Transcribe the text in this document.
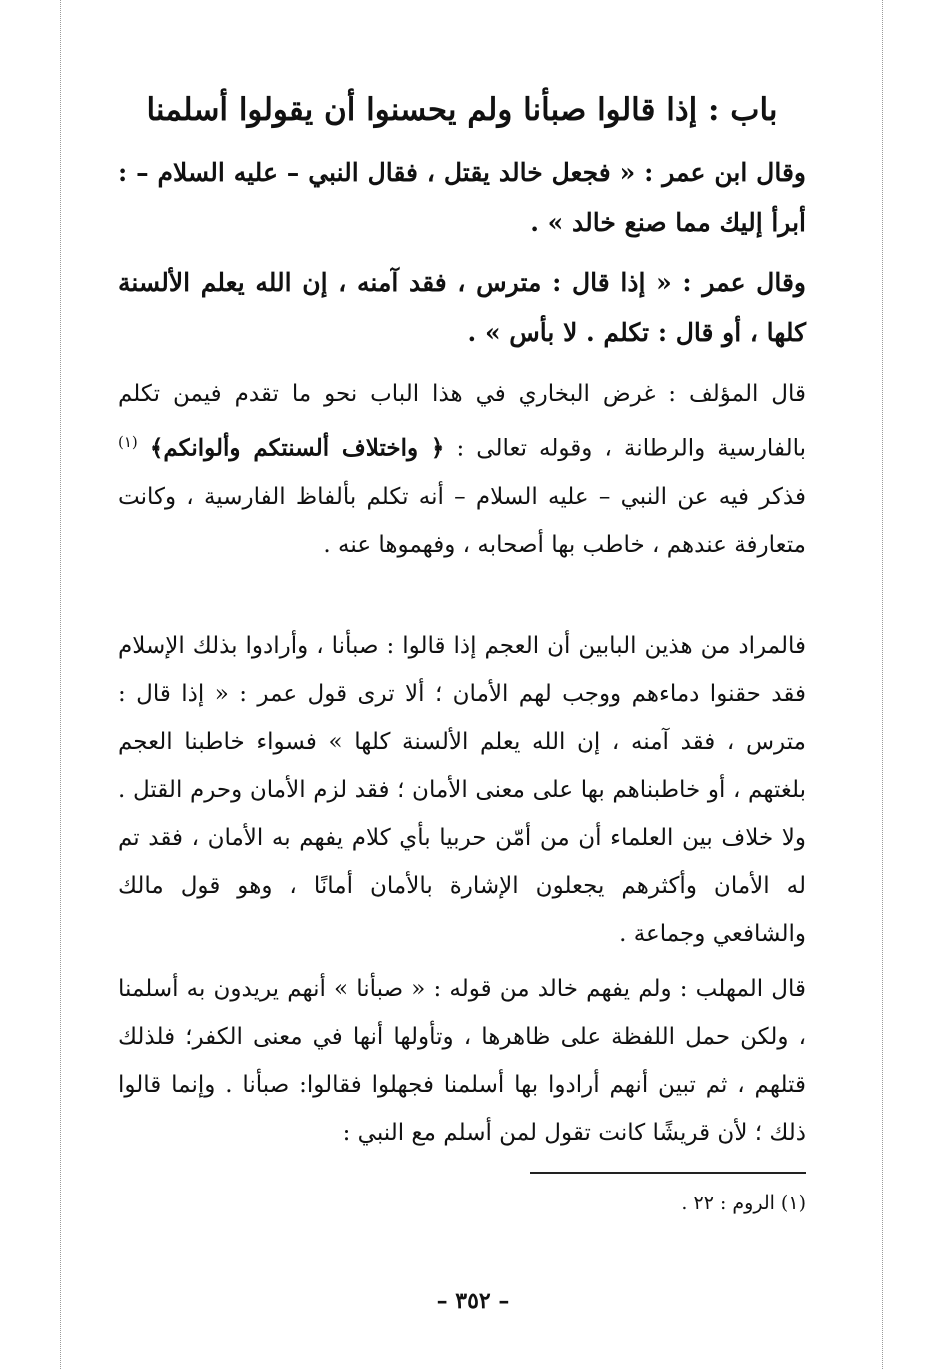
باب : إذا قالوا صبأنا ولم يحسنوا أن يقولوا أسلمنا
وقال ابن عمر : « فجعل خالد يقتل ، فقال النبي – عليه السلام – : أبرأ إليك مما صنع خالد » .
وقال عمر : « إذا قال : مترس ، فقد آمنه ، إن الله يعلم الألسنة كلها ، أو قال : تكلم . لا بأس » .
قال المؤلف : غرض البخاري في هذا الباب نحو ما تقدم فيمن تكلم بالفارسية والرطانة ، وقوله تعالى : ﴿ واختلاف ألسنتكم وألوانكم﴾ $^{(١)}$ فذكر فيه عن النبي – عليه السلام – أنه تكلم بألفاظ الفارسية ، وكانت متعارفة عندهم ، خاطب بها أصحابه ، وفهموها عنه .
فالمراد من هذين البابين أن العجم إذا قالوا : صبأنا ، وأرادوا بذلك الإسلام فقد حقنوا دماءهم ووجب لهم الأمان ؛ ألا ترى قول عمر : « إذا قال : مترس ، فقد آمنه ، إن الله يعلم الألسنة كلها » فسواء خاطبنا العجم بلغتهم ، أو خاطبناهم بها على معنى الأمان ؛ فقد لزم الأمان وحرم القتل . ولا خلاف بين العلماء أن من أمّن حربيا بأي كلام يفهم به الأمان ، فقد تم له الأمان وأكثرهم يجعلون الإشارة بالأمان أمانًا ، وهو قول مالك والشافعي وجماعة .
قال المهلب : ولم يفهم خالد من قوله : « صبأنا » أنهم يريدون به أسلمنا ، ولكن حمل اللفظة على ظاهرها ، وتأولها أنها في معنى الكفر؛ فلذلك قتلهم ، ثم تبين أنهم أرادوا بها أسلمنا فجهلوا فقالوا: صبأنا . وإنما قالوا ذلك ؛ لأن قريشًا كانت تقول لمن أسلم مع النبي :
(١) الروم : ٢٢ .
– ٣٥٢ –
